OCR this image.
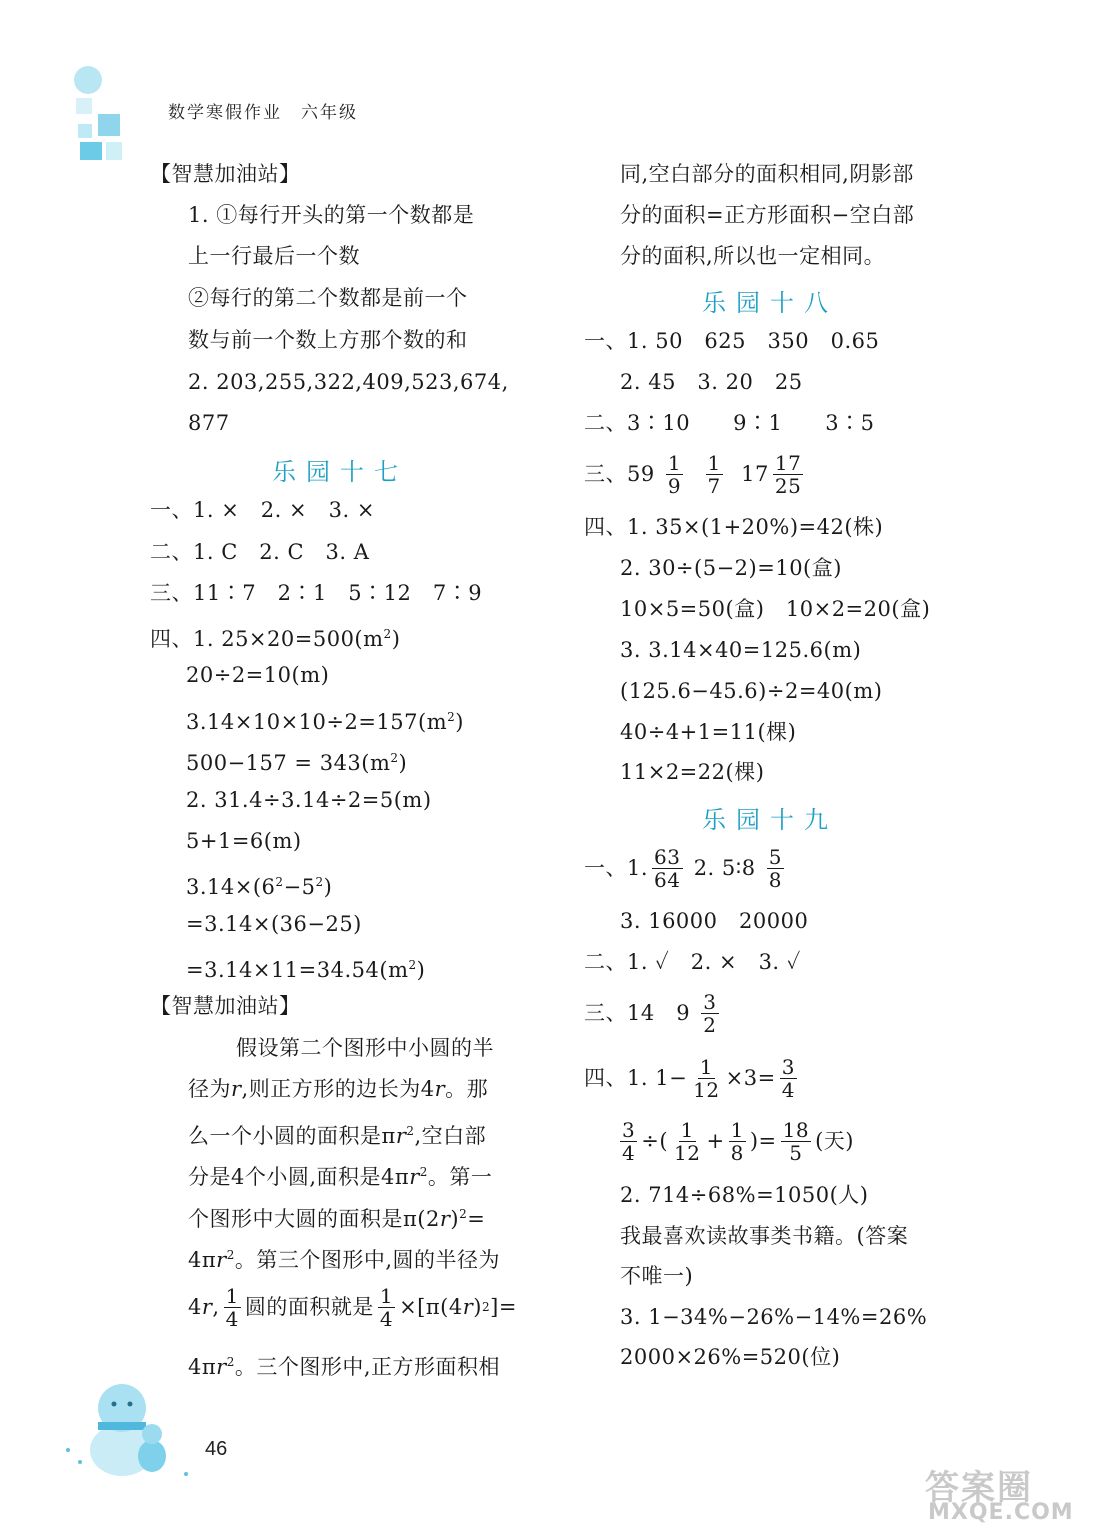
数学寒假作业　六年级
46
【智慧加油站】
1. ①每行开头的第一个数都是
上一行最后一个数
②每行的第二个数都是前一个
数与前一个数上方那个数的和
2. 203,255,322,409,523,674,
877
乐园十七
一、1. ×　2. ×　3. ×
二、1. C　2. C　3. A
三、11∶7　2∶1　5∶12　7∶9
四、1. $25\times 20=500(m^2)$
20÷2=10(m)
$3.14\times 10\times 10\div 2=157(m^2)$
$500-157 = 343(m^2)$
2. 31.4÷3.14÷2=5(m)
5+1=6(m)
$3.14\times(6^2-5^2)$
=3.14×(36−25)
$=3.14\times 11=34.54(m^2)$
【智慧加油站】
假设第二个图形中小圆的半
径为r,则正方形的边长为4r。那
么一个小圆的面积是$\pi r^2$,空白部
分是4个小圆,面积是$4\pi r^2$。第一
个图形中大圆的面积是$\pi(2r)^2=$
$4\pi r^2$。第三个图形中,圆的半径为
4 r , $\frac{1}{4}$ 圆的面积就是 $\frac{1}{4} \times[\pi(4$ r ) 2 ]=
$4\pi r^2$。三个图形中,正方形面积相
同,空白部分的面积相同,阴影部
分的面积=正方形面积−空白部
分的面积,所以也一定相同。
乐园十八
一、1. 50　625　350　0.65
2. 45　3. 20　25
二、3∶10　　9∶1　　3∶5
三、59
$\frac{1}{9}$
$\frac{1}{7}$
$17 \frac{17}{25}$
四、1. 35×(1+20%)=42(株)
2. 30÷(5−2)=10(盒)
10×5=50(盒)　10×2=20(盒)
3. 3.14×40=125.6(m)
(125.6−45.6)÷2=40(m)
40÷4+1=11(棵)
11×2=22(棵)
乐园十九
一、1. $\frac{63}{64}$
2. 5∶8
$\frac{5}{8}$
3. 16000　20000
二、1. ✓　2. ×　3. ✓
三、14　9
$\frac{3}{2}$
四、1. $1- \frac{1}{12} \times 3= \frac{3}{4}$
$\frac{3}{4}$ ÷( $\frac{1}{12} + \frac{1}{8}$ )= $\frac{18}{5}$ (天)
2. 714÷68%=1050(人)
我最喜欢读故事类书籍。(答案
不唯一)
3. 1−34%−26%−14%=26%
2000×26%=520(位)
答案圈
MXQE.COM
